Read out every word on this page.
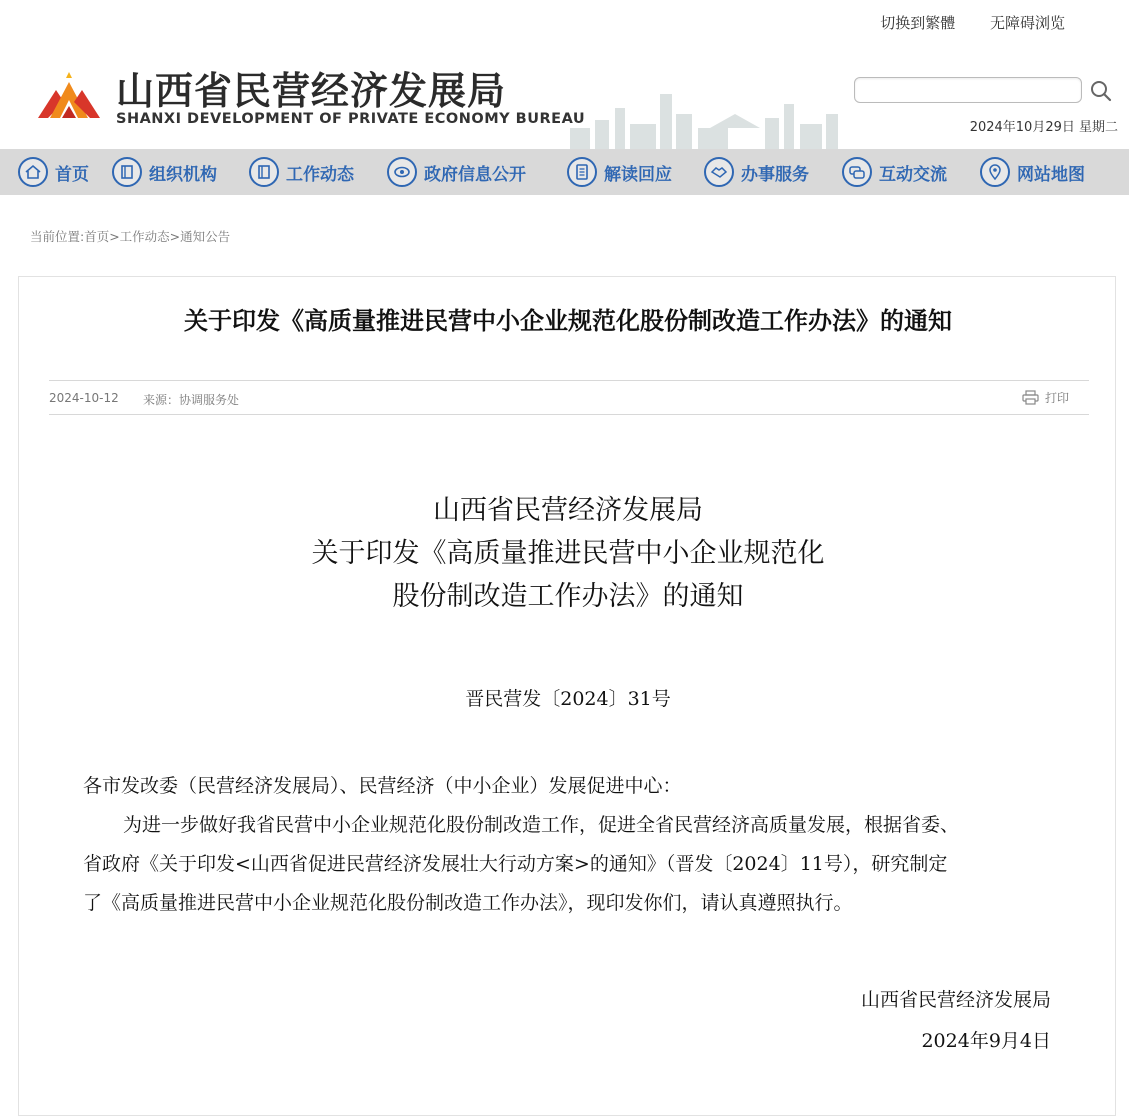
切换到繁體 无障碍浏览
山西省民营经济发展局
SHANXI DEVELOPMENT OF PRIVATE ECONOMY BUREAU
2024年10月29日 星期二
首页	组织机构	工作动态	政府信息公开	解读回应	办事服务	互动交流	网站地图
当前位置:首页>工作动态>通知公告
关于印发《高质量推进民营中小企业规范化股份制改造工作办法》的通知
2024-10-12 来源：协调服务处	打印
山西省民营经济发展局
关于印发《高质量推进民营中小企业规范化
股份制改造工作办法》的通知
晋民营发〔2024〕31号

各市发改委（民营经济发展局）、民营经济（中小企业）发展促进中心：

为进一步做好我省民营中小企业规范化股份制改造工作，促进全省民营经济高质量发展，根据省委、

省政府《关于印发<山西省促进民营经济发展壮大行动方案>的通知》（晋发〔2024〕11号），研究制定

了《高质量推进民营中小企业规范化股份制改造工作办法》，现印发你们，请认真遵照执行。

山西省民营经济发展局
2024年9月4日
